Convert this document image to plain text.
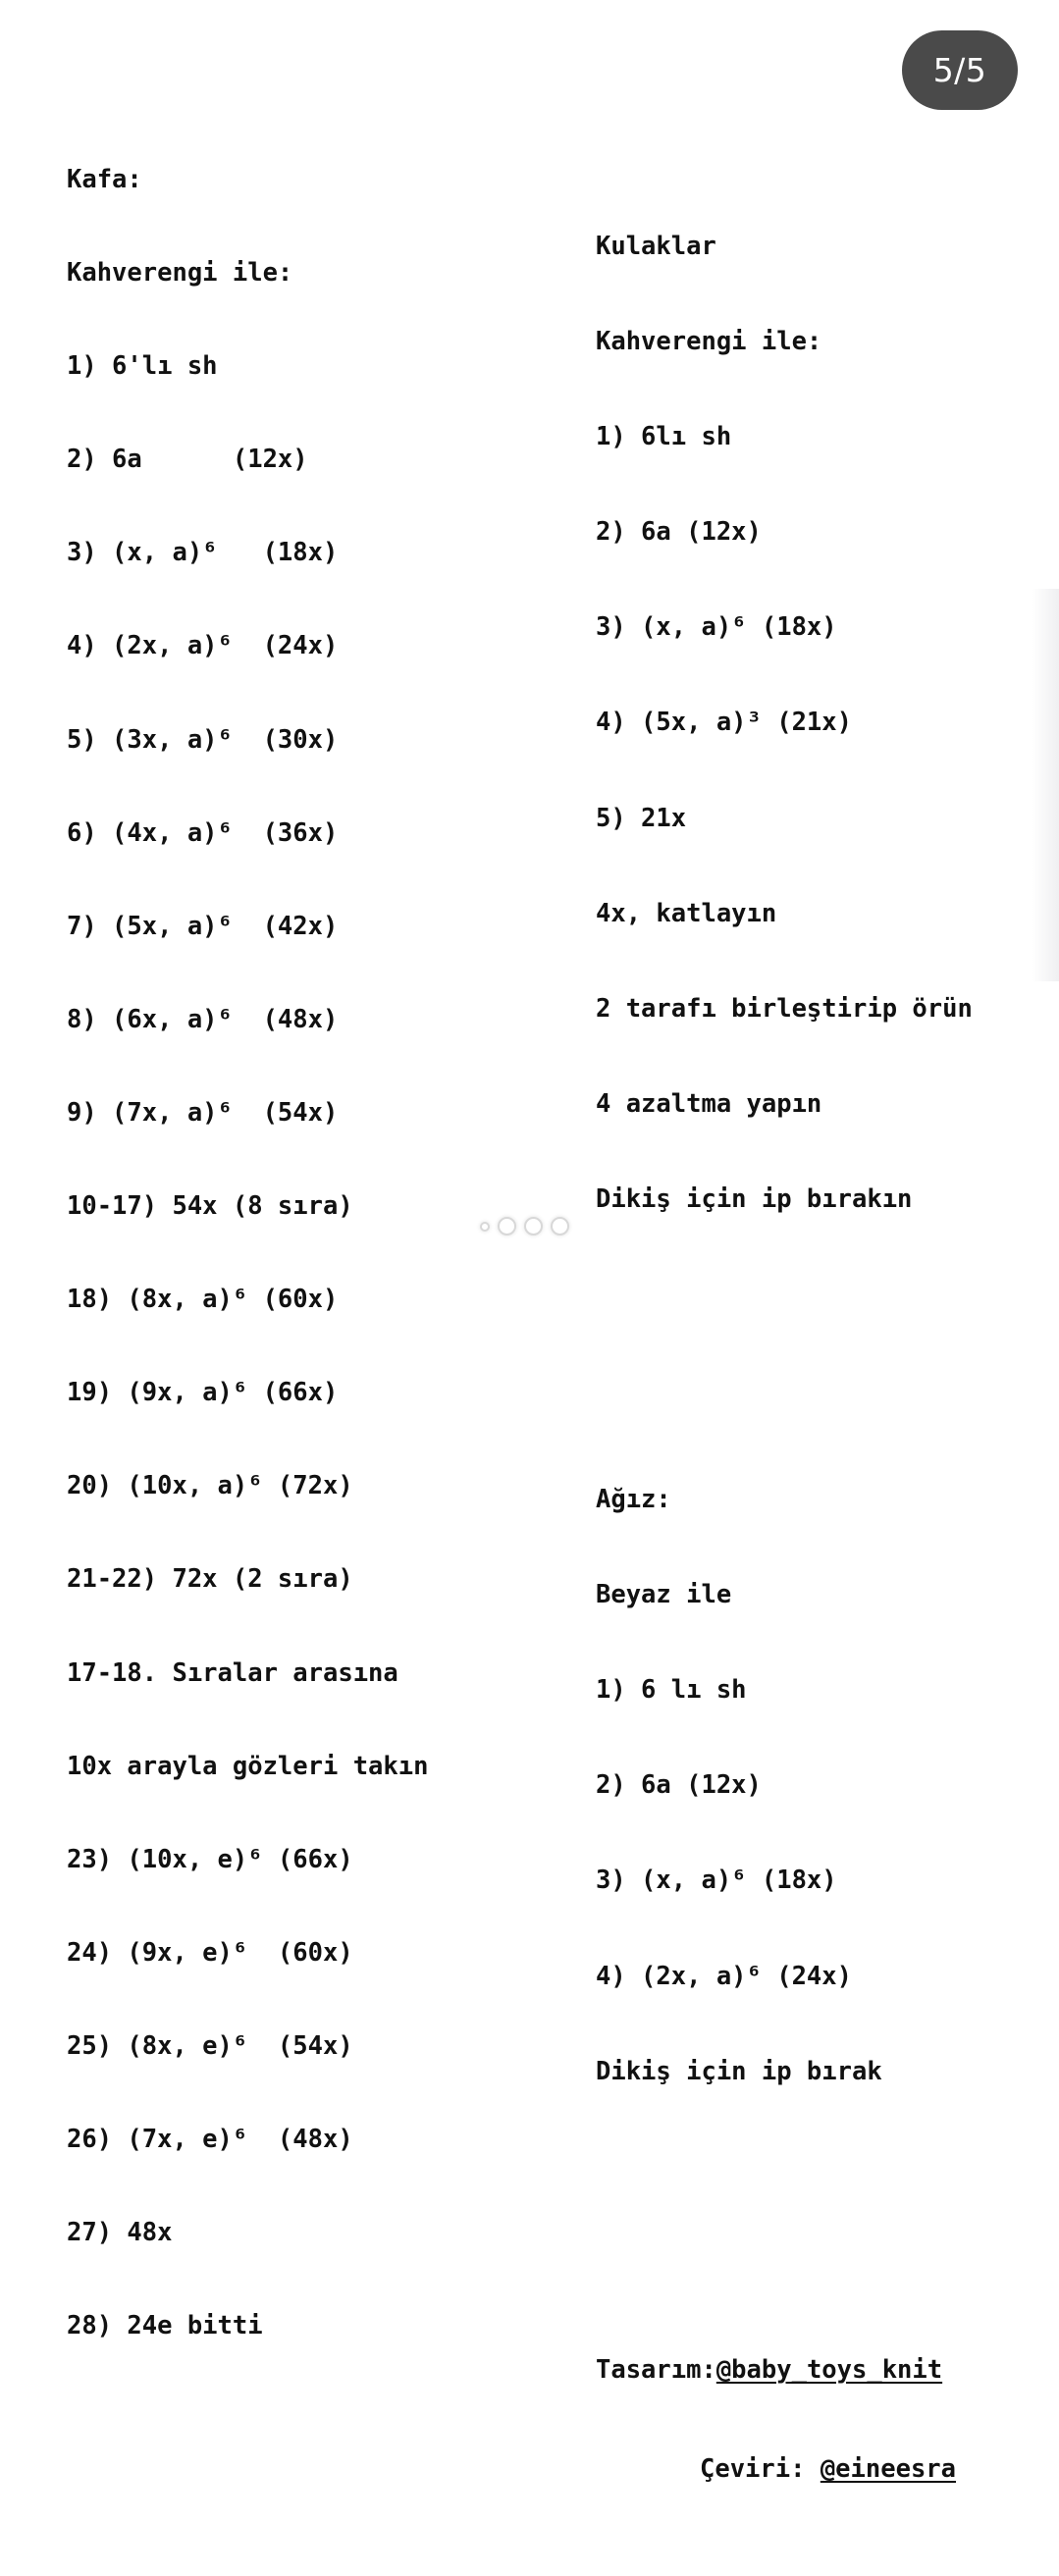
5/5

Kafa:

Kahverengi ile:

1) 6'lı sh

2) 6a      (12x)

3) (x, a)⁶   (18x)

4) (2x, a)⁶  (24x)

5) (3x, a)⁶  (30x)

6) (4x, a)⁶  (36x)

7) (5x, a)⁶  (42x)

8) (6x, a)⁶  (48x)

9) (7x, a)⁶  (54x)

10-17) 54x (8 sıra)

18) (8x, a)⁶ (60x)

19) (9x, a)⁶ (66x)

20) (10x, a)⁶ (72x)

21-22) 72x (2 sıra)

17-18. Sıralar arasına

10x arayla gözleri takın

23) (10x, e)⁶ (66x)

24) (9x, e)⁶  (60x)

25) (8x, e)⁶  (54x)

26) (7x, e)⁶  (48x)

27) 48x

28) 24e bitti

Kulaklar

Kahverengi ile:

1) 6lı sh

2) 6a (12x)

3) (x, a)⁶ (18x)

4) (5x, a)³ (21x)

5) 21x

4x, katlayın

2 tarafı birleştirip örün

4 azaltma yapın

Dikiş için ip bırakın

Ağız:

Beyaz ile

1) 6 lı sh

2) 6a (12x)

3) (x, a)⁶ (18x)

4) (2x, a)⁶ (24x)

Dikiş için ip bırak

Tasarım:@baby_toys_knit

Çeviri: @eineesra
